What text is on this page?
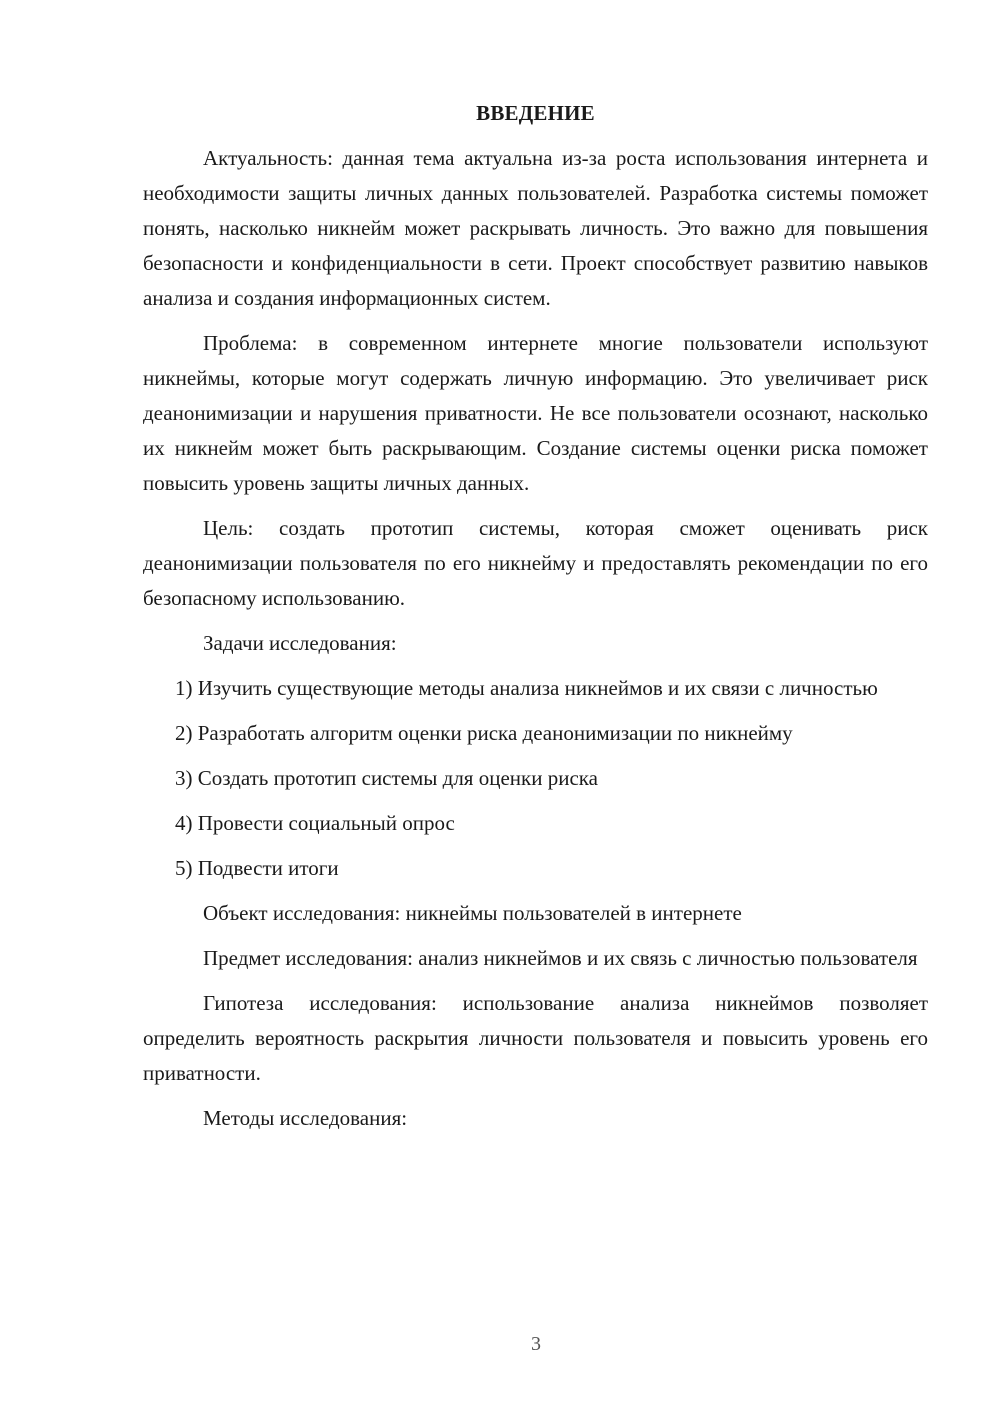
ВВЕДЕНИЕ

Актуальность: данная тема актуальна из-за роста использования интернета и необходимости защиты личных данных пользователей. Разработка системы поможет понять, насколько никнейм может раскрывать личность. Это важно для повышения безопасности и конфиденциальности в сети. Проект способствует развитию навыков анализа и создания информационных систем.

Проблема: в современном интернете многие пользователи используют никнеймы, которые могут содержать личную информацию. Это увеличивает риск деанонимизации и нарушения приватности. Не все пользователи осознают, насколько их никнейм может быть раскрывающим. Создание системы оценки риска поможет повысить уровень защиты личных данных.

Цель: создать прототип системы, которая сможет оценивать риск деанонимизации пользователя по его никнейму и предоставлять рекомендации по его безопасному использованию.

Задачи исследования:

1) Изучить существующие методы анализа никнеймов и их связи с личностью

2) Разработать алгоритм оценки риска деанонимизации по никнейму

3) Создать прототип системы для оценки риска

4) Провести социальный опрос

5) Подвести итоги

Объект исследования: никнеймы пользователей в интернете

Предмет исследования: анализ никнеймов и их связь с личностью пользователя

Гипотеза исследования: использование анализа никнеймов позволяет определить вероятность раскрытия личности пользователя и повысить уровень его приватности.

Методы исследования:

3
